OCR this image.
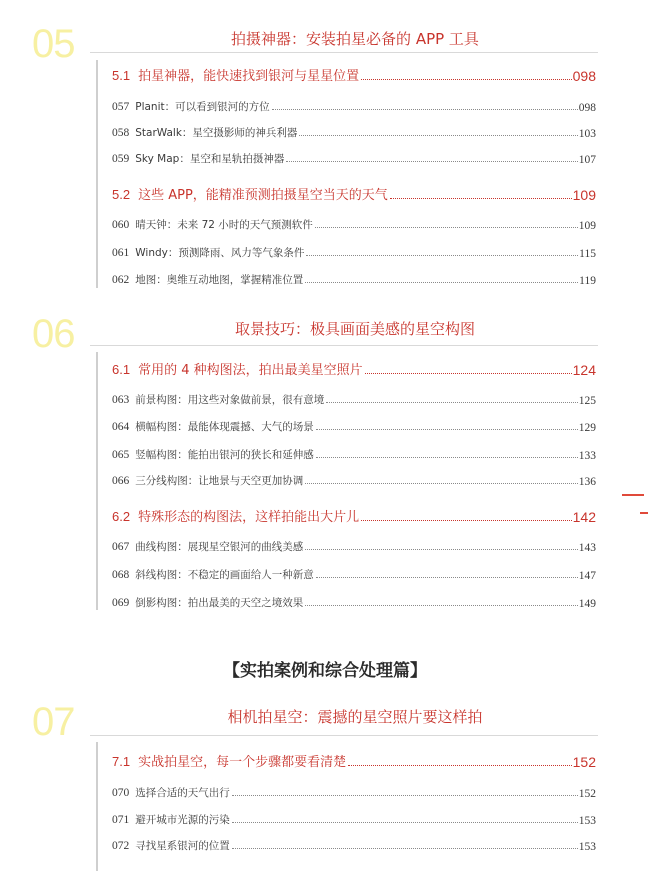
05	拍摄神器：安装拍星必备的 APP 工具
5.1 拍星神器，能快速找到银河与星星位置	098
057 Planit：可以看到银河的方位	098
058 StarWalk：星空摄影师的神兵利器	103
059 Sky Map：星空和星轨拍摄神器	107
5.2 这些 APP，能精准预测拍摄星空当天的天气	109
060 晴天钟：未来 72 小时的天气预测软件	109
061 Windy：预测降雨、风力等气象条件	115
062 地图：奥维互动地图，掌握精准位置	119
06	取景技巧：极具画面美感的星空构图
6.1 常用的 4 种构图法，拍出最美星空照片	124
063 前景构图：用这些对象做前景，很有意境	125
064 横幅构图：最能体现震撼、大气的场景	129
065 竖幅构图：能拍出银河的狭长和延伸感	133
066 三分线构图：让地景与天空更加协调	136
6.2 特殊形态的构图法，这样拍能出大片儿	142
067 曲线构图：展现星空银河的曲线美感	143
068 斜线构图：不稳定的画面给人一种新意	147
069 倒影构图：拍出最美的天空之境效果	149
【实拍案例和综合处理篇】
07	相机拍星空：震撼的星空照片要这样拍
7.1 实战拍星空，每一个步骤都要看清楚	152
070 选择合适的天气出行	152
071 避开城市光源的污染	153
072 寻找星系银河的位置	153
